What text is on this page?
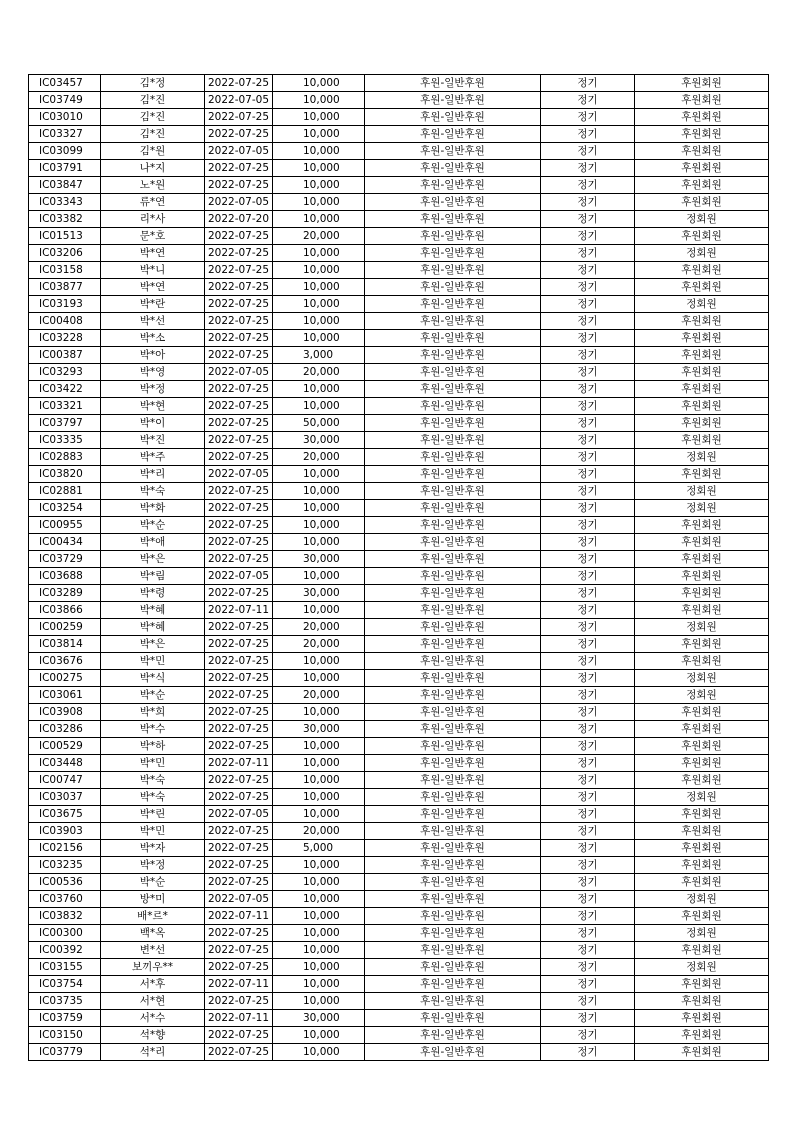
IC03457	김*정	2022-07-25	10,000	후원-일반후원	정기	후원회원
IC03749	김*진	2022-07-05	10,000	후원-일반후원	정기	후원회원
IC03010	김*진	2022-07-25	10,000	후원-일반후원	정기	후원회원
IC03327	김*진	2022-07-25	10,000	후원-일반후원	정기	후원회원
IC03099	김*원	2022-07-05	10,000	후원-일반후원	정기	후원회원
IC03791	나*지	2022-07-25	10,000	후원-일반후원	정기	후원회원
IC03847	노*원	2022-07-25	10,000	후원-일반후원	정기	후원회원
IC03343	류*연	2022-07-05	10,000	후원-일반후원	정기	후원회원
IC03382	리*사	2022-07-20	10,000	후원-일반후원	정기	정회원
IC01513	문*호	2022-07-25	20,000	후원-일반후원	정기	후원회원
IC03206	박*연	2022-07-25	10,000	후원-일반후원	정기	정회원
IC03158	박*니	2022-07-25	10,000	후원-일반후원	정기	후원회원
IC03877	박*연	2022-07-25	10,000	후원-일반후원	정기	후원회원
IC03193	박*란	2022-07-25	10,000	후원-일반후원	정기	정회원
IC00408	박*선	2022-07-25	10,000	후원-일반후원	정기	후원회원
IC03228	박*소	2022-07-25	10,000	후원-일반후원	정기	후원회원
IC00387	박*아	2022-07-25	3,000	후원-일반후원	정기	후원회원
IC03293	박*영	2022-07-05	20,000	후원-일반후원	정기	후원회원
IC03422	박*정	2022-07-25	10,000	후원-일반후원	정기	후원회원
IC03321	박*현	2022-07-25	10,000	후원-일반후원	정기	후원회원
IC03797	박*이	2022-07-25	50,000	후원-일반후원	정기	후원회원
IC03335	박*진	2022-07-25	30,000	후원-일반후원	정기	후원회원
IC02883	박*주	2022-07-25	20,000	후원-일반후원	정기	정회원
IC03820	박*리	2022-07-05	10,000	후원-일반후원	정기	후원회원
IC02881	박*숙	2022-07-25	10,000	후원-일반후원	정기	정회원
IC03254	박*화	2022-07-25	10,000	후원-일반후원	정기	정회원
IC00955	박*순	2022-07-25	10,000	후원-일반후원	정기	후원회원
IC00434	박*애	2022-07-25	10,000	후원-일반후원	정기	후원회원
IC03729	박*은	2022-07-25	30,000	후원-일반후원	정기	후원회원
IC03688	박*림	2022-07-05	10,000	후원-일반후원	정기	후원회원
IC03289	박*령	2022-07-25	30,000	후원-일반후원	정기	후원회원
IC03866	박*혜	2022-07-11	10,000	후원-일반후원	정기	후원회원
IC00259	박*혜	2022-07-25	20,000	후원-일반후원	정기	정회원
IC03814	박*은	2022-07-25	20,000	후원-일반후원	정기	후원회원
IC03676	박*민	2022-07-25	10,000	후원-일반후원	정기	후원회원
IC00275	박*식	2022-07-25	10,000	후원-일반후원	정기	정회원
IC03061	박*순	2022-07-25	20,000	후원-일반후원	정기	정회원
IC03908	박*희	2022-07-25	10,000	후원-일반후원	정기	후원회원
IC03286	박*수	2022-07-25	30,000	후원-일반후원	정기	후원회원
IC00529	박*하	2022-07-25	10,000	후원-일반후원	정기	후원회원
IC03448	박*민	2022-07-11	10,000	후원-일반후원	정기	후원회원
IC00747	박*숙	2022-07-25	10,000	후원-일반후원	정기	후원회원
IC03037	박*숙	2022-07-25	10,000	후원-일반후원	정기	정회원
IC03675	박*린	2022-07-05	10,000	후원-일반후원	정기	후원회원
IC03903	박*민	2022-07-25	20,000	후원-일반후원	정기	후원회원
IC02156	박*자	2022-07-25	5,000	후원-일반후원	정기	후원회원
IC03235	박*정	2022-07-25	10,000	후원-일반후원	정기	후원회원
IC00536	박*순	2022-07-25	10,000	후원-일반후원	정기	후원회원
IC03760	방*미	2022-07-05	10,000	후원-일반후원	정기	정회원
IC03832	배*르*	2022-07-11	10,000	후원-일반후원	정기	후원회원
IC00300	백*옥	2022-07-25	10,000	후원-일반후원	정기	정회원
IC00392	변*선	2022-07-25	10,000	후원-일반후원	정기	후원회원
IC03155	보끼우**	2022-07-25	10,000	후원-일반후원	정기	정회원
IC03754	서*후	2022-07-11	10,000	후원-일반후원	정기	후원회원
IC03735	서*현	2022-07-25	10,000	후원-일반후원	정기	후원회원
IC03759	서*수	2022-07-11	30,000	후원-일반후원	정기	후원회원
IC03150	석*향	2022-07-25	10,000	후원-일반후원	정기	후원회원
IC03779	석*리	2022-07-25	10,000	후원-일반후원	정기	후원회원
